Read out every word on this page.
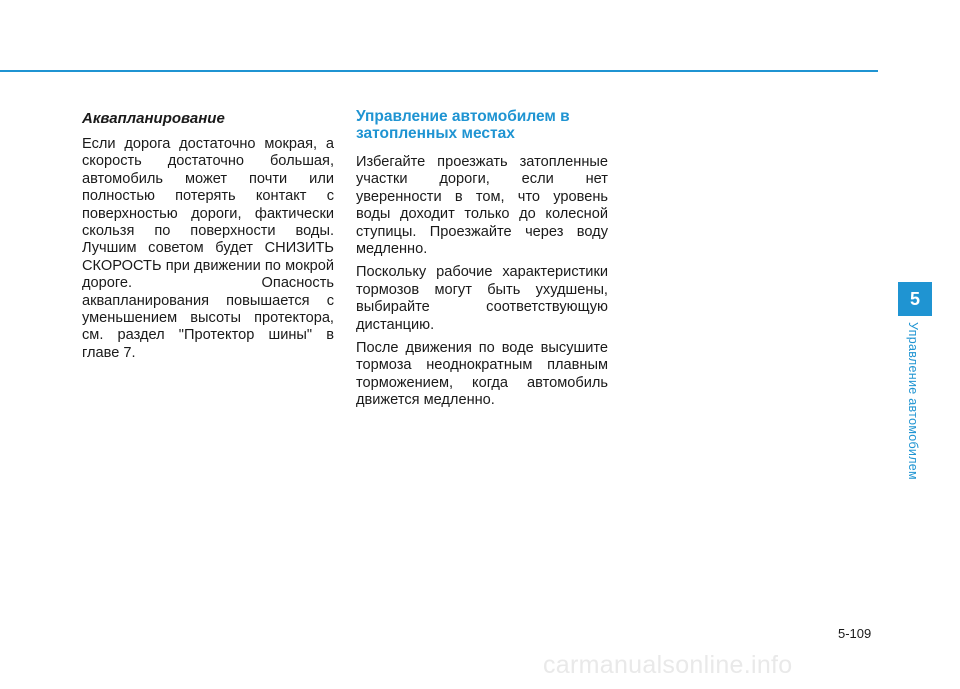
Аквапланирование

Если дорога достаточно мокрая, а скорость достаточно большая, автомобиль может почти или полностью потерять контакт с поверхностью дороги, фактически скользя по поверхности воды. Лучшим советом будет СНИЗИТЬ СКОРОСТЬ при движении по мокрой дороге. Опасность аквапланирования повышается с уменьшением высоты протектора, см. раздел "Протектор шины" в главе 7.

Управление автомобилем в затопленных местах

Избегайте проезжать затопленные участки дороги, если нет уверенности в том, что уровень воды доходит только до колесной ступицы. Проезжайте через воду медленно.

Поскольку рабочие характеристики тормозов могут быть ухудшены, выбирайте соответствующую дистанцию.

После движения по воде высушите тормоза неоднократным плавным торможением, когда автомобиль движется медленно.

5
Управление автомобилем
5-109
carmanualsonline.info
